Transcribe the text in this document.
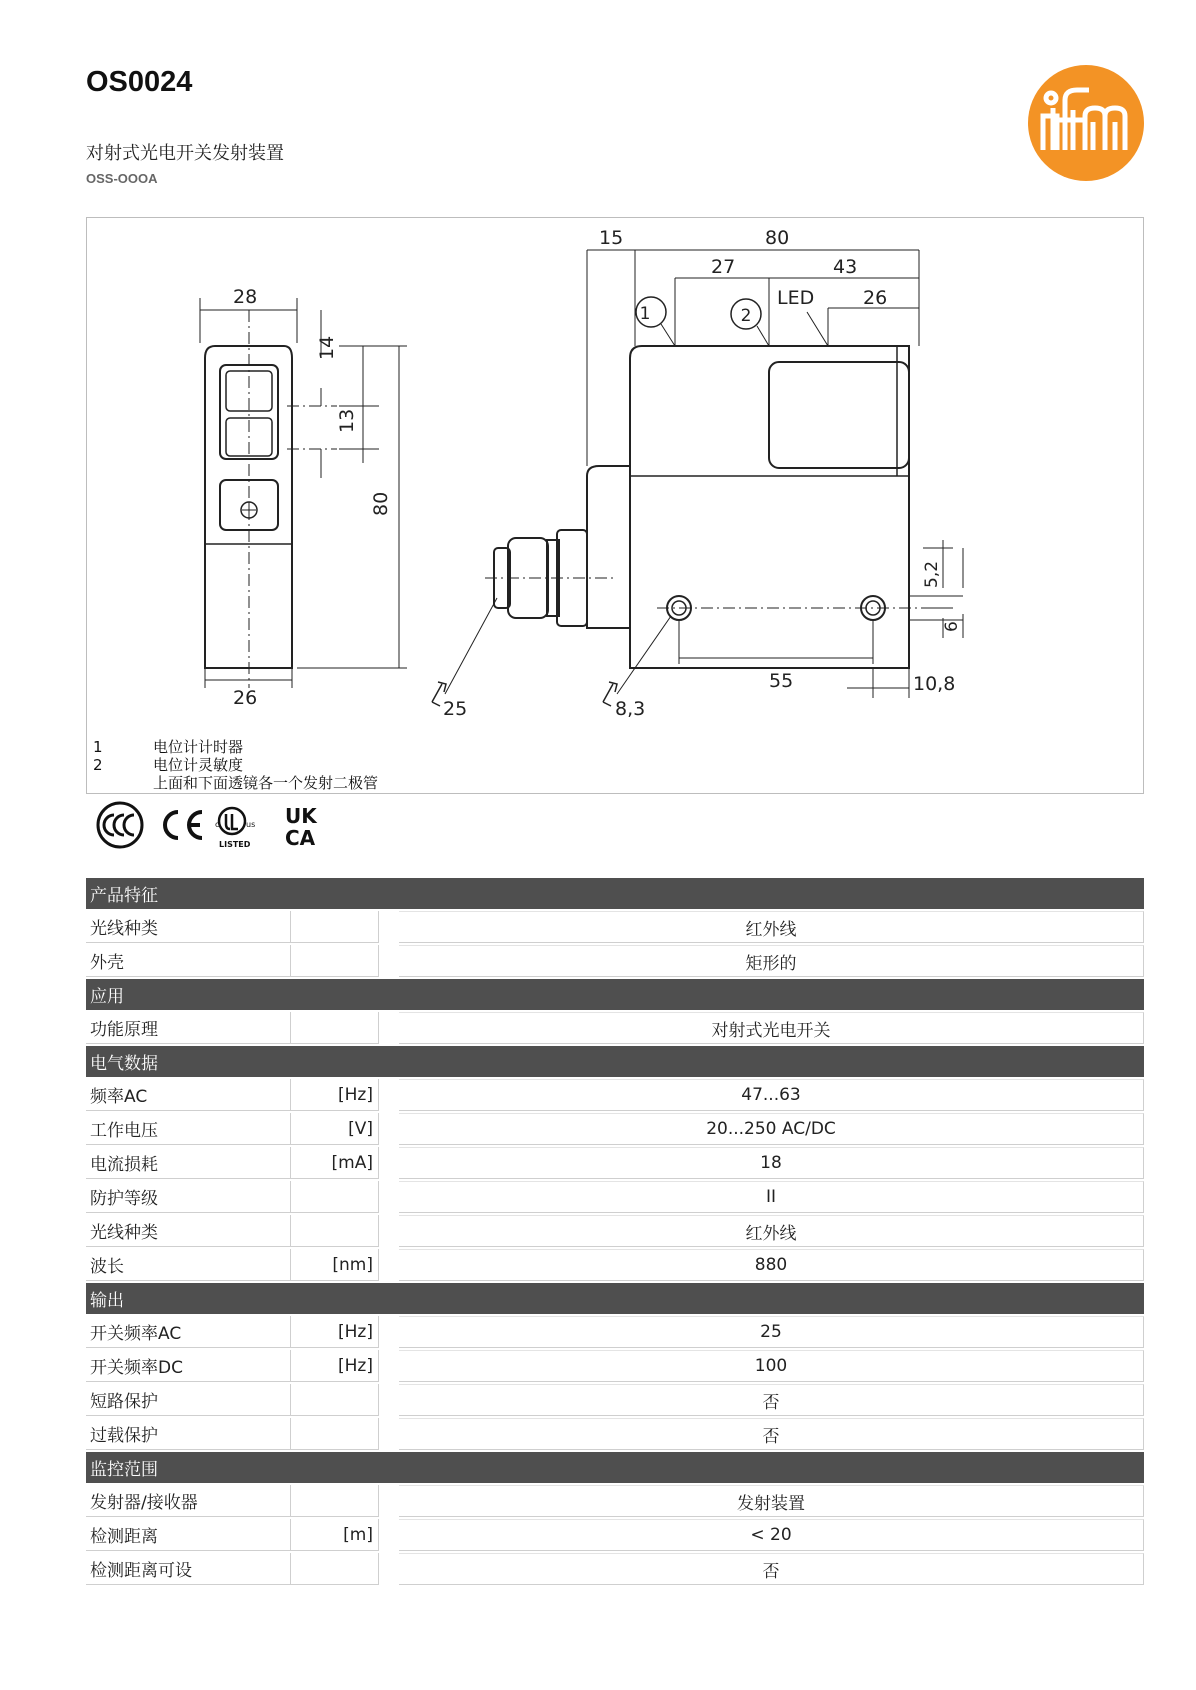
OS0024
对射式光电开关发射装置
OSS-OOOA
28
26
14
13
80
15	80
27	43
LED	26
55
5,2
6
10,8
25	8,3
1	2
1	电位计计时器
2	电位计灵敏度
上面和下面透镜各一个发射二极管
LISTED
c	us UK
CA
产品特征			

光线种类			红外线

外壳			矩形的

应用			

功能原理			对射式光电开关

电气数据			

频率AC	[Hz]		47...63

工作电压	[V]		20...250 AC/DC

电流损耗	[mA]		18

防护等级			II

光线种类			红外线

波长	[nm]		880

输出			

开关频率AC	[Hz]		25

开关频率DC	[Hz]		100

短路保护			否

过载保护			否

监控范围			

发射器/接收器			发射装置

检测距离	[m]		< 20

检测距离可设			否
